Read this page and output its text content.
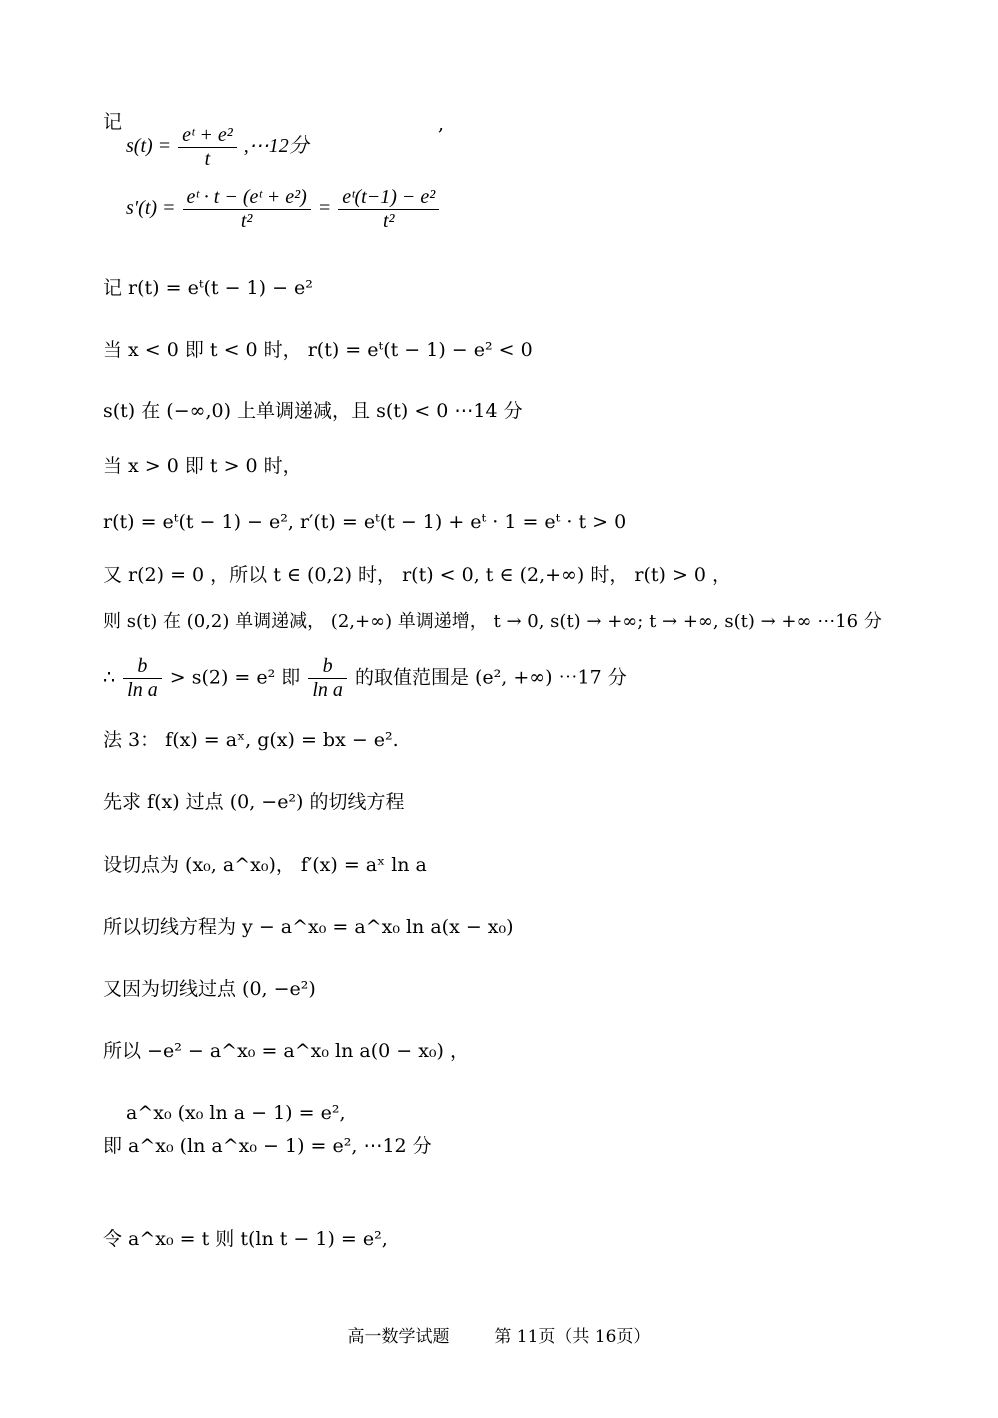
记	,
$s(t) = \frac{\text{eᵗ + e²}}{t}$ ,⋯12分
$s'(t) = \frac{\text{eᵗ · t − (eᵗ + e²)}}{\text{t²}} = \frac{\text{eᵗ(t−1) − e²}}{\text{t²}}$
记 r(t) = eᵗ(t − 1) − e²
当 x < 0 即 t < 0 时， r(t) = eᵗ(t − 1) − e² < 0
s(t) 在 (−∞,0) 上单调递减，且 s(t) < 0 ⋯14 分
当 x > 0 即 t > 0 时，
r(t) = eᵗ(t − 1) − e², r′(t) = eᵗ(t − 1) + eᵗ · 1 = eᵗ · t > 0
又 r(2) = 0 ，所以 t ∈ (0,2) 时， r(t) < 0, t ∈ (2,+∞) 时， r(t) > 0 ，
则 s(t) 在 (0,2) 单调递减， (2,+∞) 单调递增， t → 0, s(t) → +∞; t → +∞, s(t) → +∞ ⋯16 分
∴ $\frac{b}{\text{ln a}} > s(2) = e^2$ 即 $\frac{b}{\text{ln a}}$ 的取值范围是 (e², +∞) ⋯17 分
法 3： f(x) = aˣ, g(x) = bx − e².
先求 f(x) 过点 (0, −e²) 的切线方程
设切点为 (x₀, a^x₀)， f′(x) = aˣ ln a
所以切线方程为 y − a^x₀ = a^x₀ ln a(x − x₀)
又因为切线过点 (0, −e²)
所以 −e² − a^x₀ = a^x₀ ln a(0 − x₀) ，
a^x₀ (x₀ ln a − 1) = e²,
即 a^x₀ (ln a^x₀ − 1) = e², ⋯12 分
令 a^x₀ = t 则 t(ln t − 1) = e²,
高一数学试题	第 11页（共 16页）
